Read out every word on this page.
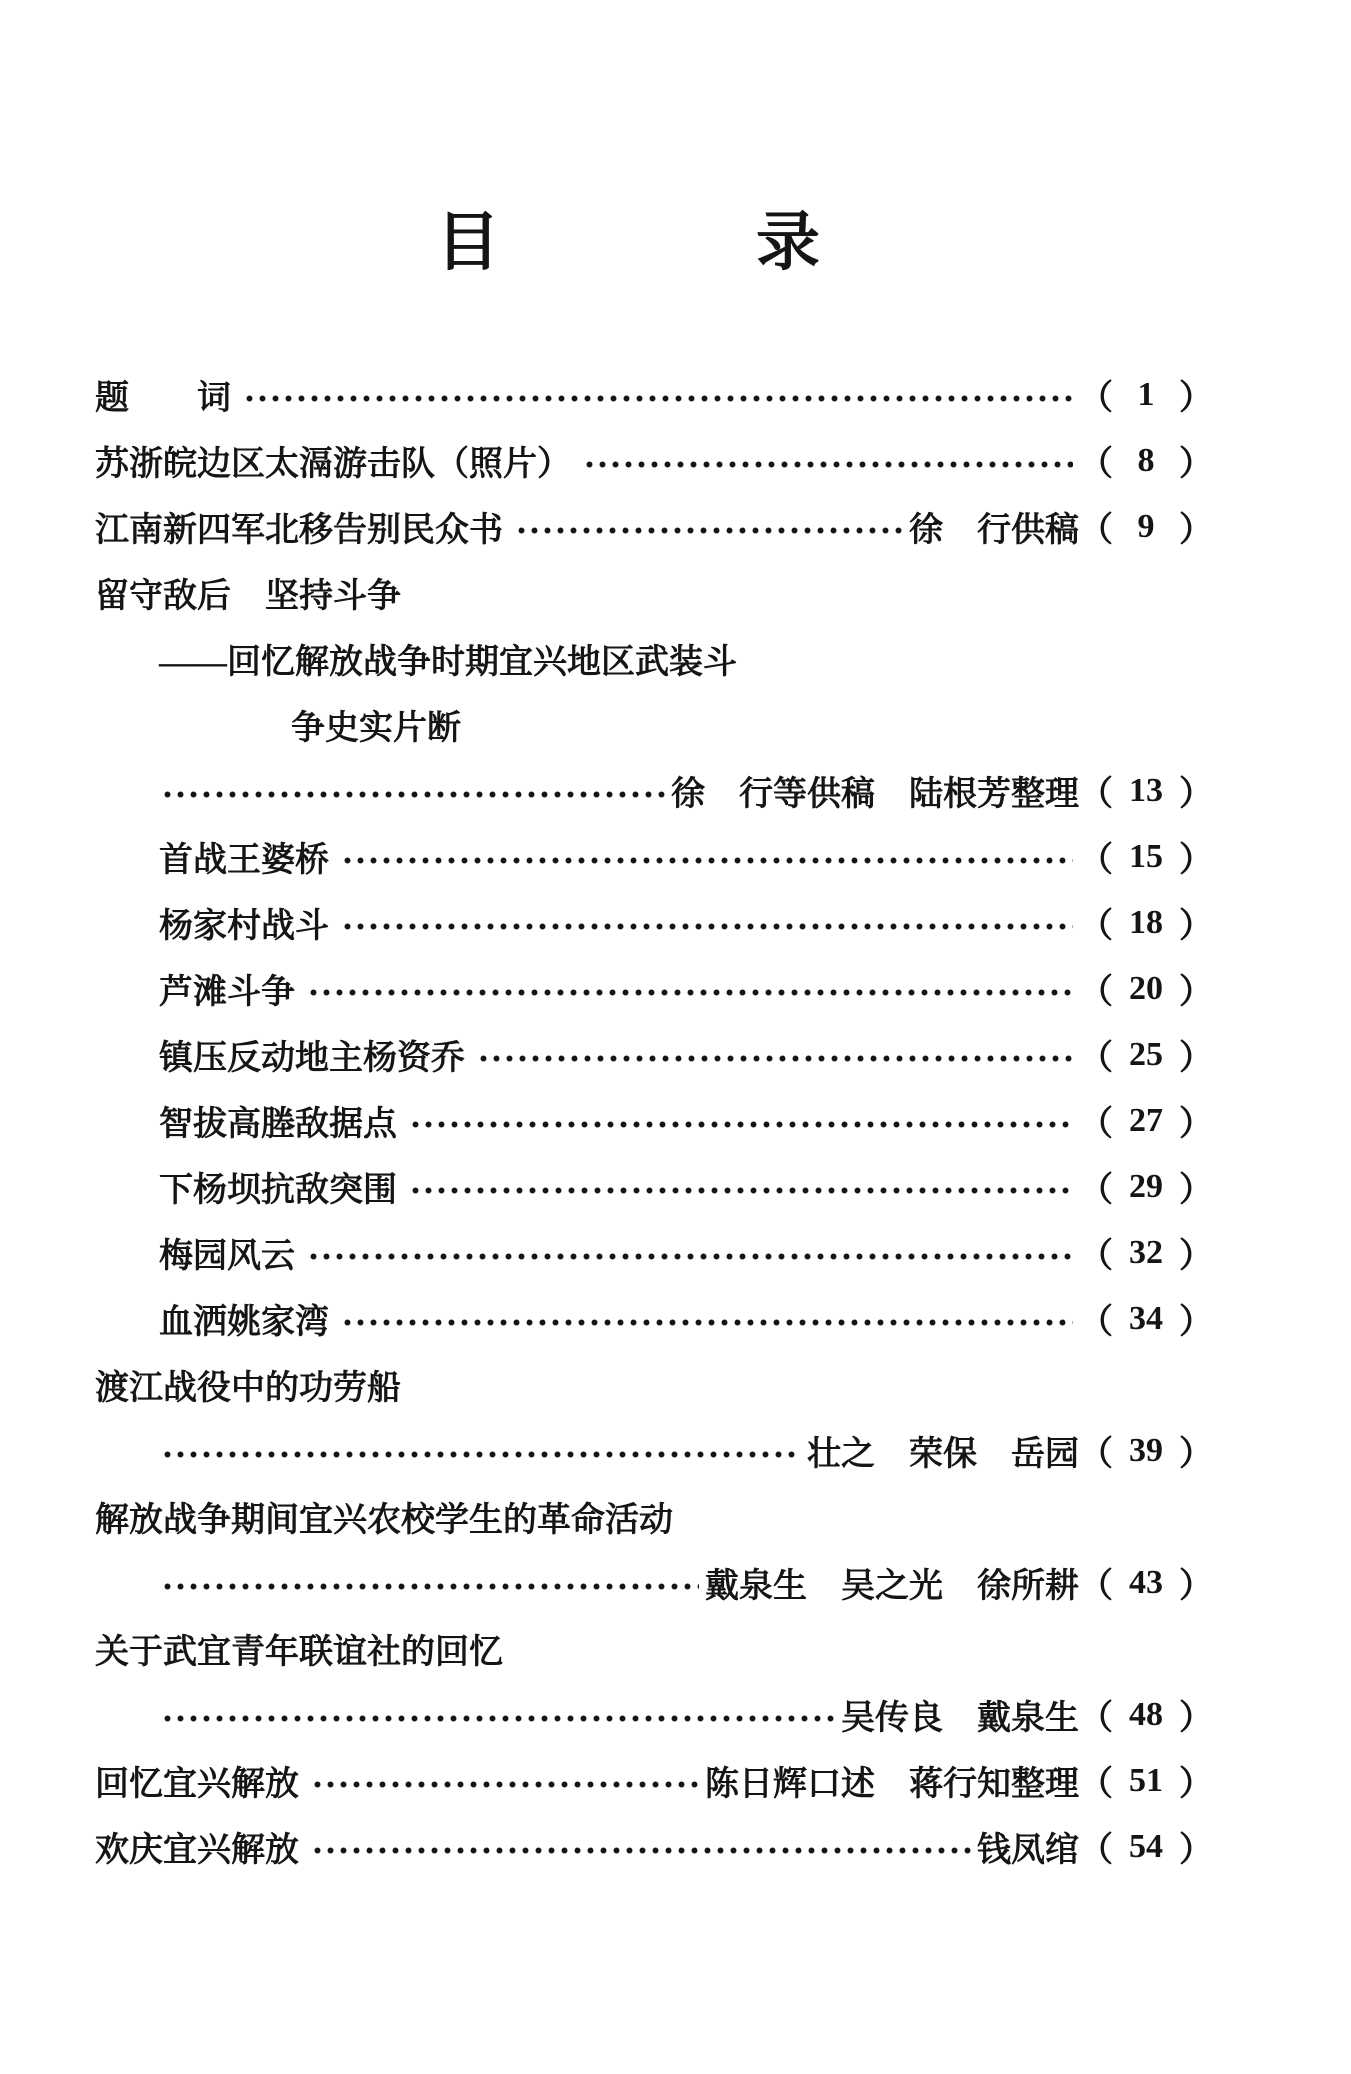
目　　　　录
题　　词	（ 1 ）
苏浙皖边区太滆游击队（照片）	（ 8 ）
江南新四军北移告别民众书	徐　行供稿 （ 9 ）
留守敌后　坚持斗争
——回忆解放战争时期宜兴地区武装斗
争史实片断
徐　行等供稿　陆根芳整理 （ 13 ）
首战王婆桥	（ 15 ）
杨家村战斗	（ 18 ）
芦滩斗争	（ 20 ）
镇压反动地主杨资乔	（ 25 ）
智拔高塍敌据点	（ 27 ）
下杨坝抗敌突围	（ 29 ）
梅园风云	（ 32 ）
血洒姚家湾	（ 34 ）
渡江战役中的功劳船
壮之　荣保　岳园 （ 39 ）
解放战争期间宜兴农校学生的革命活动
戴泉生　吴之光　徐所耕 （ 43 ）
关于武宜青年联谊社的回忆
吴传良　戴泉生 （ 48 ）
回忆宜兴解放	陈日辉口述　蒋行知整理 （ 51 ）
欢庆宜兴解放	钱凤绾 （ 54 ）
